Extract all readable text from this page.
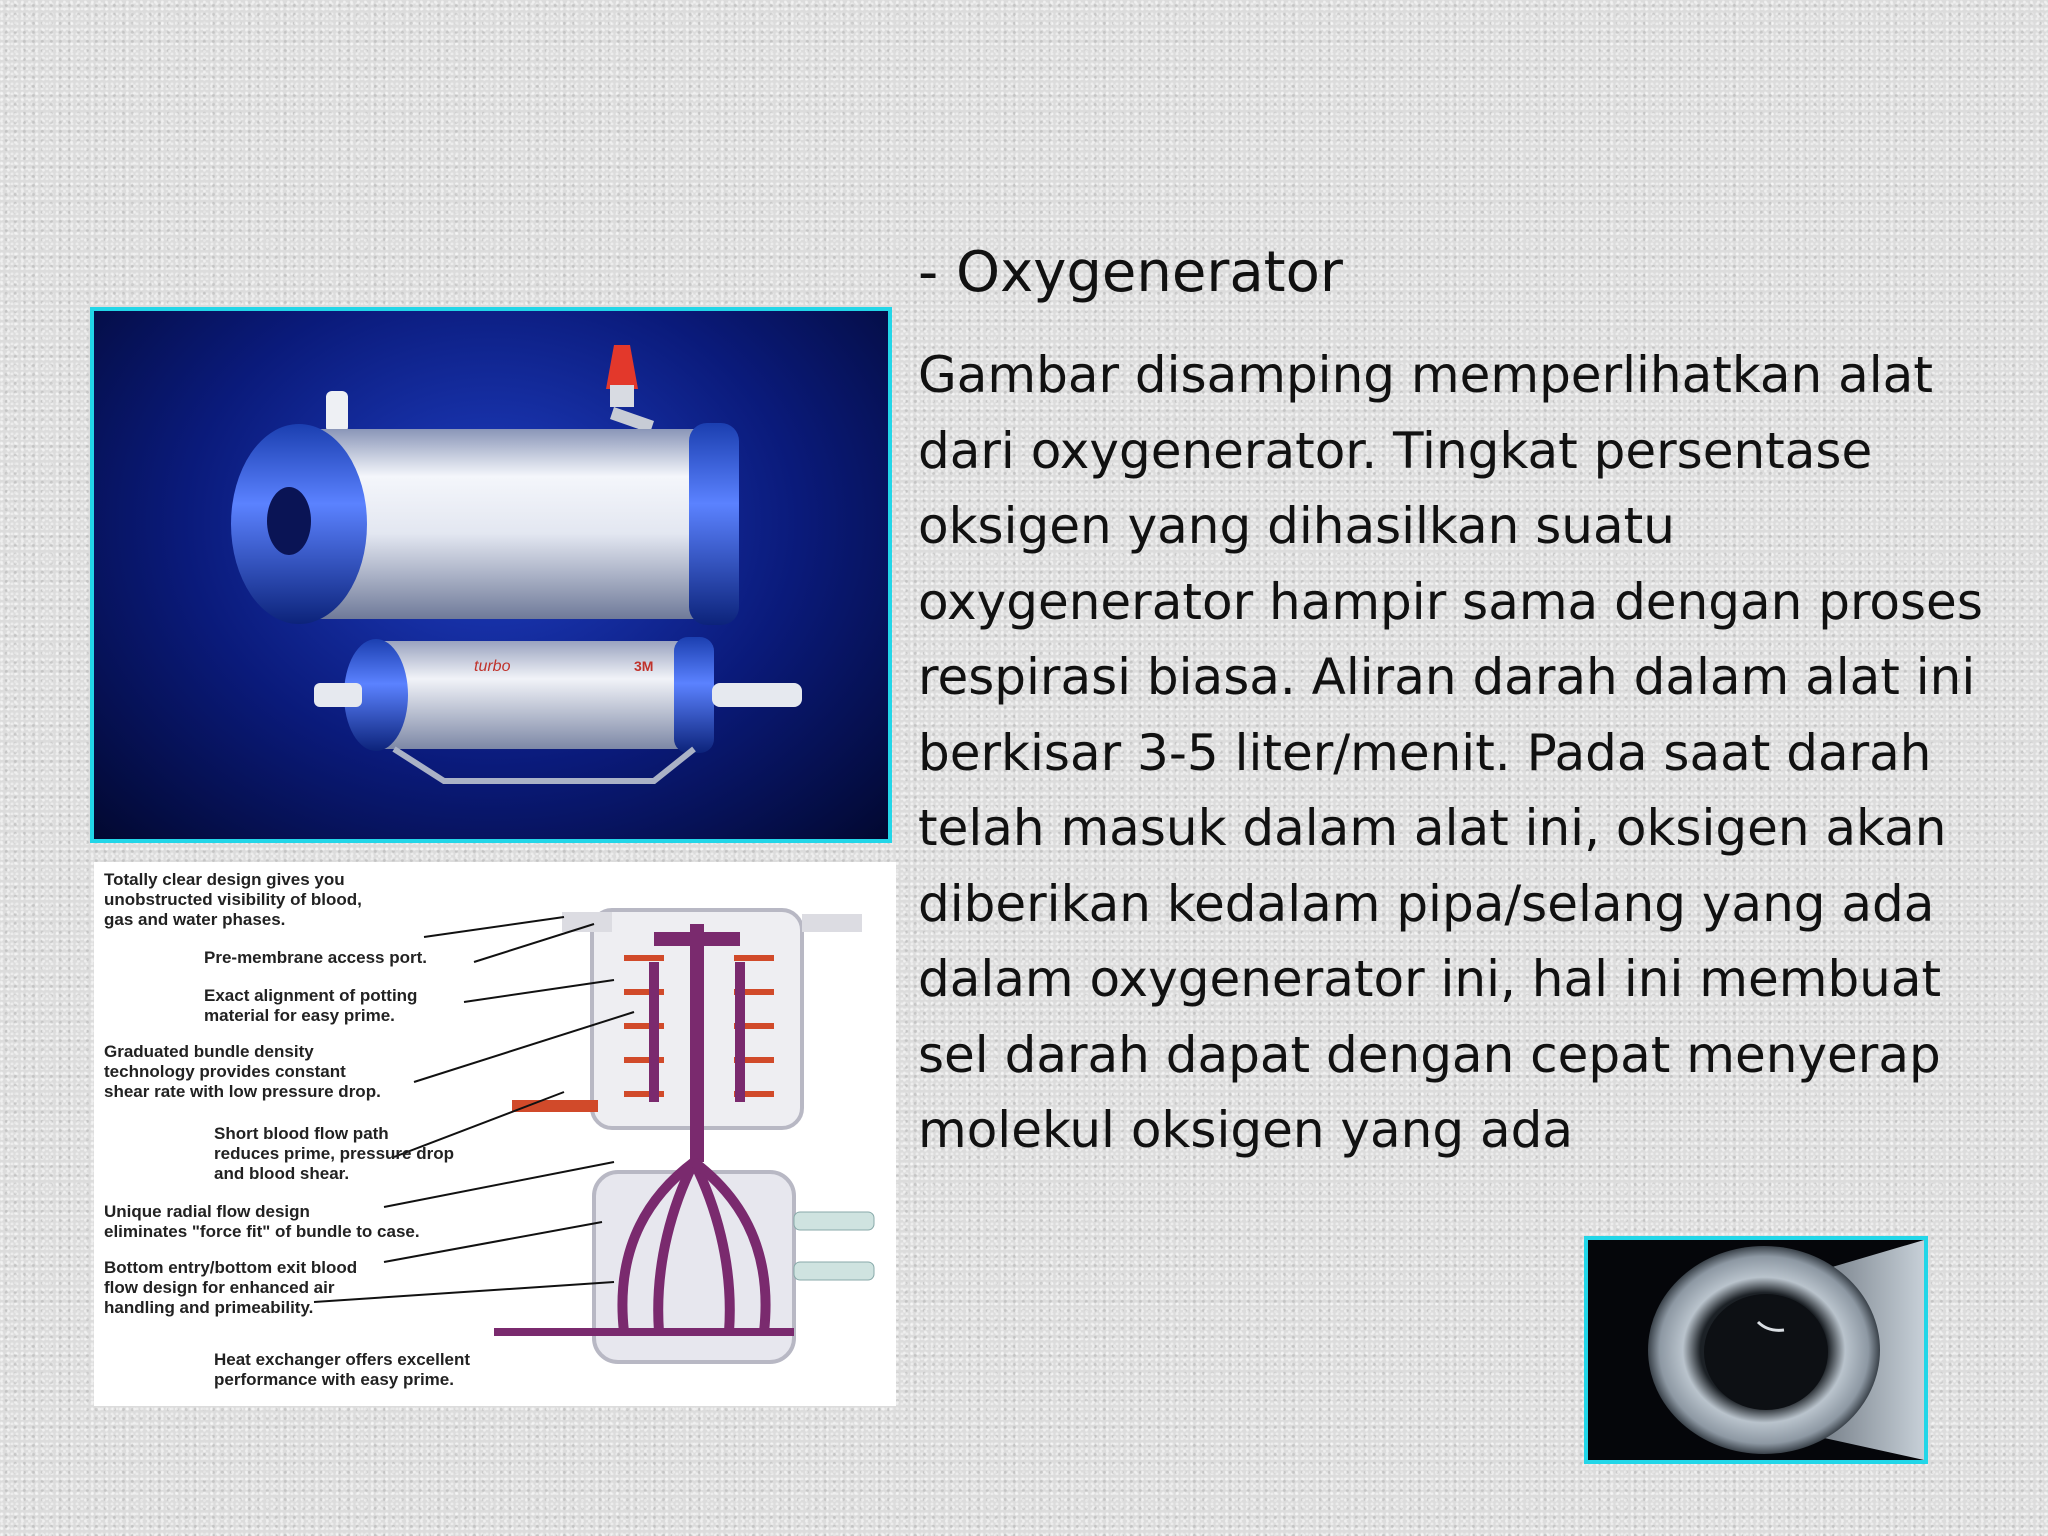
- Oxygenerator
Gambar disamping memperlihatkan alat
dari oxygenerator. Tingkat persentase
oksigen yang dihasilkan suatu
oxygenerator hampir sama dengan proses
respirasi biasa. Aliran darah dalam alat ini
berkisar 3-5 liter/menit. Pada saat darah
telah masuk dalam alat ini, oksigen akan
diberikan kedalam pipa/selang yang ada
dalam oxygenerator ini, hal ini membuat
sel darah dapat dengan cepat menyerap
molekul oksigen yang ada
turbo	3M
Totally clear design gives you
unobstructed visibility of blood,
gas and water phases.
Pre-membrane access port.
Exact alignment of potting
material for easy prime.
Graduated bundle density
technology provides constant
shear rate with low pressure drop.
Short blood flow path
reduces prime, pressure drop
and blood shear.
Unique radial flow design
eliminates "force fit" of bundle to case.
Bottom entry/bottom exit blood
flow design for enhanced air
handling and primeability.
Heat exchanger offers excellent
performance with easy prime.
